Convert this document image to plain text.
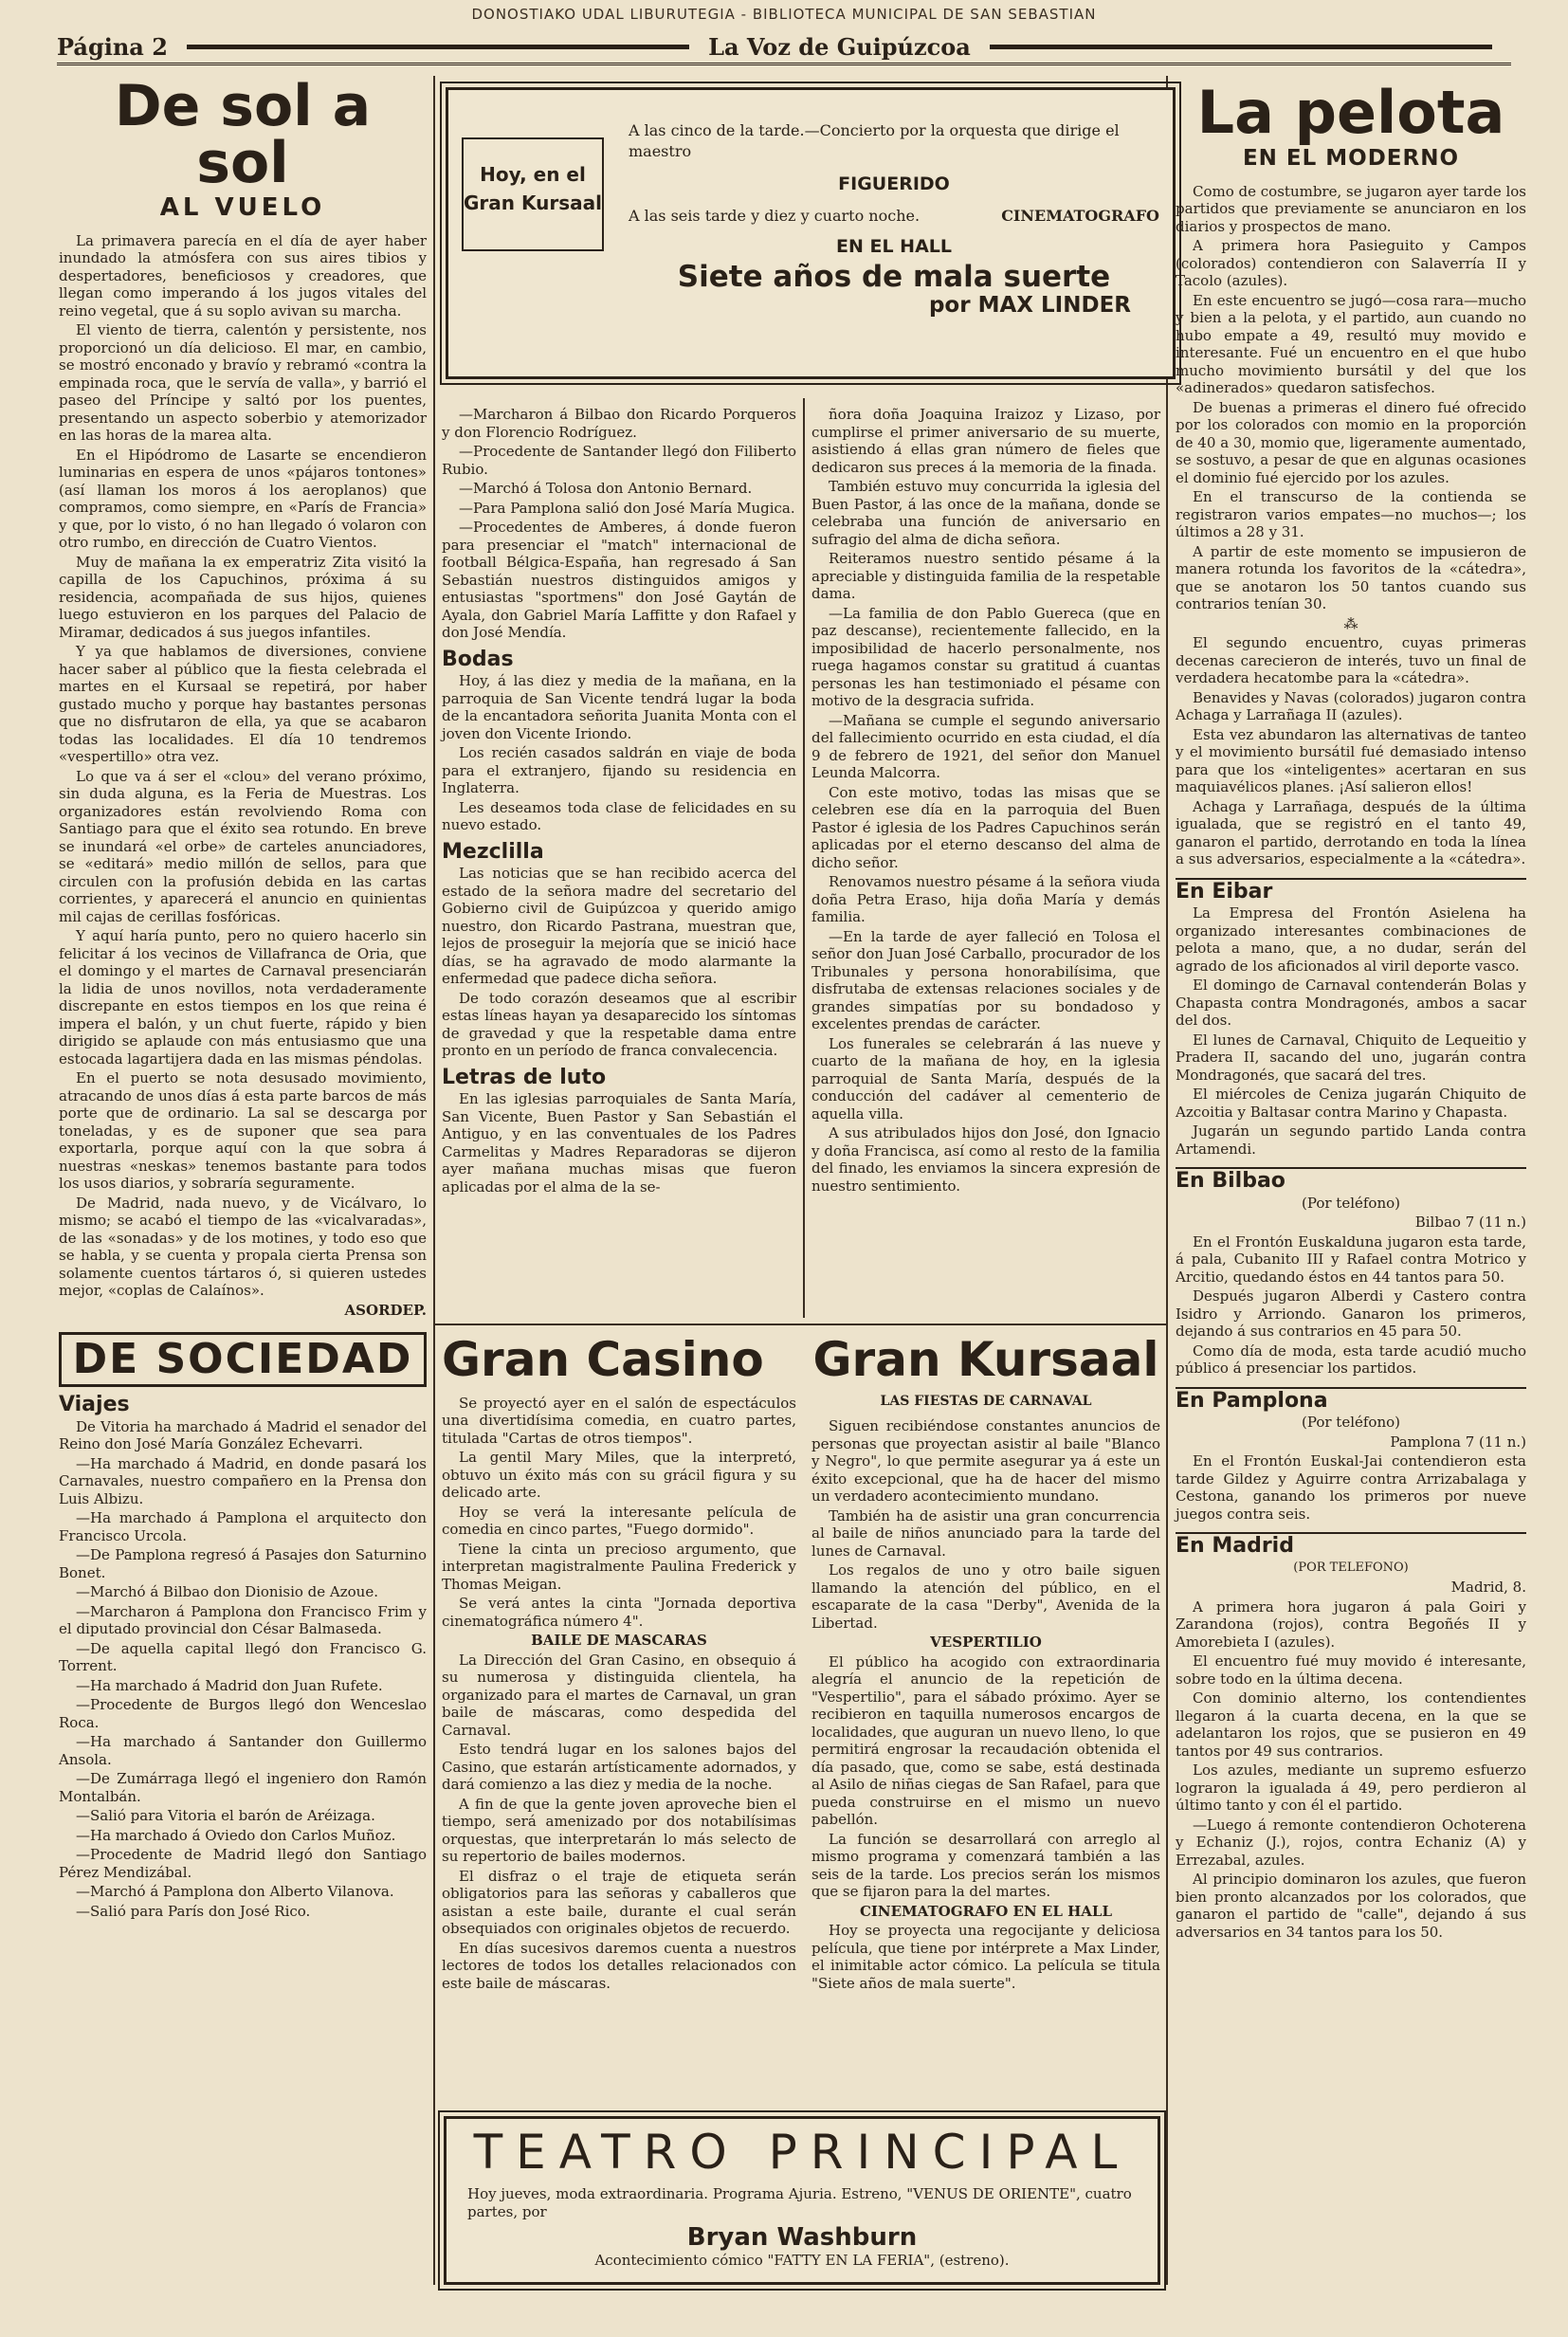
DONOSTIAKO UDAL LIBURUTEGIA - BIBLIOTECA MUNICIPAL DE SAN SEBASTIAN
Página 2	La Voz de Guipúzcoa
De sol a sol
AL VUELO

La primavera parecía en el día de ayer haber inundado la atmósfera con sus aires tibios y despertadores, beneficiosos y creadores, que llegan como imperando á los jugos vitales del reino vegetal, que á su soplo avivan su marcha.

El viento de tierra, calentón y persistente, nos proporcionó un día delicioso. El mar, en cambio, se mostró enconado y bravío y rebramó «contra la empinada roca, que le servía de valla», y barrió el paseo del Príncipe y saltó por los puentes, presentando un aspecto soberbio y atemorizador en las horas de la marea alta.

En el Hipódromo de Lasarte se encendieron luminarias en espera de unos «pájaros tontones» (así llaman los moros á los aeroplanos) que compramos, como siempre, en «París de Francia» y que, por lo visto, ó no han llegado ó volaron con otro rumbo, en dirección de Cuatro Vientos.

Muy de mañana la ex emperatriz Zita visitó la capilla de los Capuchinos, próxima á su residencia, acompañada de sus hijos, quienes luego estuvieron en los parques del Palacio de Miramar, dedicados á sus juegos infantiles.

Y ya que hablamos de diversiones, conviene hacer saber al público que la fiesta celebrada el martes en el Kursaal se repetirá, por haber gustado mucho y porque hay bastantes personas que no disfrutaron de ella, ya que se acabaron todas las localidades. El día 10 tendremos «vespertillo» otra vez.

Lo que va á ser el «clou» del verano próximo, sin duda alguna, es la Feria de Muestras. Los organizadores están revolviendo Roma con Santiago para que el éxito sea rotundo. En breve se inundará «el orbe» de carteles anunciadores, se «editará» medio millón de sellos, para que circulen con la profusión debida en las cartas corrientes, y aparecerá el anuncio en quinientas mil cajas de cerillas fosfóricas.

Y aquí haría punto, pero no quiero hacerlo sin felicitar á los vecinos de Villafranca de Oria, que el domingo y el martes de Carnaval presenciarán la lidia de unos novillos, nota verdaderamente discrepante en estos tiempos en los que reina é impera el balón, y un chut fuerte, rápido y bien dirigido se aplaude con más entusiasmo que una estocada lagartijera dada en las mismas péndolas.

En el puerto se nota desusado movimiento, atracando de unos días á esta parte barcos de más porte que de ordinario. La sal se descarga por toneladas, y es de suponer que sea para exportarla, porque aquí con la que sobra á nuestras «neskas» tenemos bastante para todos los usos diarios, y sobraría seguramente.

De Madrid, nada nuevo, y de Vicálvaro, lo mismo; se acabó el tiempo de las «vicalvaradas», de las «sonadas» y de los motines, y todo eso que se habla, y se cuenta y propala cierta Prensa son solamente cuentos tártaros ó, si quieren ustedes mejor, «coplas de Calaínos».

ASORDEP.

DE SOCIEDAD
Viajes

De Vitoria ha marchado á Madrid el senador del Reino don José María González Echevarri.

—Ha marchado á Madrid, en donde pasará los Carnavales, nuestro compañero en la Prensa don Luis Albizu.

—Ha marchado á Pamplona el arquitecto don Francisco Urcola.

—De Pamplona regresó á Pasajes don Saturnino Bonet.

—Marchó á Bilbao don Dionisio de Azoue.

—Marcharon á Pamplona don Francisco Frim y el diputado provincial don César Balmaseda.

—De aquella capital llegó don Francisco G. Torrent.

—Ha marchado á Madrid don Juan Rufete.

—Procedente de Burgos llegó don Wenceslao Roca.

—Ha marchado á Santander don Guillermo Ansola.

—De Zumárraga llegó el ingeniero don Ramón Montalbán.

—Salió para Vitoria el barón de Aréizaga.

—Ha marchado á Oviedo don Carlos Muñoz.

—Procedente de Madrid llegó don Santiago Pérez Mendizábal.

—Marchó á Pamplona don Alberto Vilanova.

—Salió para París don José Rico.

Hoy, en el
Gran Kursaal
A las cinco de la tarde.—Concierto por la orquesta que dirige el maestro
FIGUERIDO
A las seis tarde y diez y cuarto noche.	CINEMATOGRAFO
EN EL HALL
Siete años de mala suerte
por MAX LINDER

—Marcharon á Bilbao don Ricardo Porqueros y don Florencio Rodríguez.

—Procedente de Santander llegó don Filiberto Rubio.

—Marchó á Tolosa don Antonio Bernard.

—Para Pamplona salió don José María Mugica.

—Procedentes de Amberes, á donde fueron para presenciar el "match" internacional de football Bélgica-España, han regresado á San Sebastián nuestros distinguidos amigos y entusiastas "sportmens" don José Gaytán de Ayala, don Gabriel María Laffitte y don Rafael y don José Mendía.

Bodas

Hoy, á las diez y media de la mañana, en la parroquia de San Vicente tendrá lugar la boda de la encantadora señorita Juanita Monta con el joven don Vicente Iriondo.

Los recién casados saldrán en viaje de boda para el extranjero, fijando su residencia en Inglaterra.

Les deseamos toda clase de felicidades en su nuevo estado.

Mezclilla

Las noticias que se han recibido acerca del estado de la señora madre del secretario del Gobierno civil de Guipúzcoa y querido amigo nuestro, don Ricardo Pastrana, muestran que, lejos de proseguir la mejoría que se inició hace días, se ha agravado de modo alarmante la enfermedad que padece dicha señora.

De todo corazón deseamos que al escribir estas líneas hayan ya desaparecido los síntomas de gravedad y que la respetable dama entre pronto en un período de franca convalecencia.

Letras de luto

En las iglesias parroquiales de Santa María, San Vicente, Buen Pastor y San Sebastián el Antiguo, y en las conventuales de los Padres Carmelitas y Madres Reparadoras se dijeron ayer mañana muchas misas que fueron aplicadas por el alma de la se-

ñora doña Joaquina Iraizoz y Lizaso, por cumplirse el primer aniversario de su muerte, asistiendo á ellas gran número de fieles que dedicaron sus preces á la memoria de la finada.

También estuvo muy concurrida la iglesia del Buen Pastor, á las once de la mañana, donde se celebraba una función de aniversario en sufragio del alma de dicha señora.

Reiteramos nuestro sentido pésame á la apreciable y distinguida familia de la respetable dama.

—La familia de don Pablo Guereca (que en paz descanse), recientemente fallecido, en la imposibilidad de hacerlo personalmente, nos ruega hagamos constar su gratitud á cuantas personas les han testimoniado el pésame con motivo de la desgracia sufrida.

—Mañana se cumple el segundo aniversario del fallecimiento ocurrido en esta ciudad, el día 9 de febrero de 1921, del señor don Manuel Leunda Malcorra.

Con este motivo, todas las misas que se celebren ese día en la parroquia del Buen Pastor é iglesia de los Padres Capuchinos serán aplicadas por el eterno descanso del alma de dicho señor.

Renovamos nuestro pésame á la señora viuda doña Petra Eraso, hija doña María y demás familia.

—En la tarde de ayer falleció en Tolosa el señor don Juan José Carballo, procurador de los Tribunales y persona honorabilísima, que disfrutaba de extensas relaciones sociales y de grandes simpatías por su bondadoso y excelentes prendas de carácter.

Los funerales se celebrarán á las nueve y cuarto de la mañana de hoy, en la iglesia parroquial de Santa María, después de la conducción del cadáver al cementerio de aquella villa.

A sus atribulados hijos don José, don Ignacio y doña Francisca, así como al resto de la familia del finado, les enviamos la sincera expresión de nuestro sentimiento.

Gran Casino

Se proyectó ayer en el salón de espectáculos una divertidísima comedia, en cuatro partes, titulada "Cartas de otros tiempos".

La gentil Mary Miles, que la interpretó, obtuvo un éxito más con su grácil figura y su delicado arte.

Hoy se verá la interesante película de comedia en cinco partes, "Fuego dormido".

Tiene la cinta un precioso argumento, que interpretan magistralmente Paulina Frederick y Thomas Meigan.

Se verá antes la cinta "Jornada deportiva cinematográfica número 4".

BAILE DE MASCARAS

La Dirección del Gran Casino, en obsequio á su numerosa y distinguida clientela, ha organizado para el martes de Carnaval, un gran baile de máscaras, como despedida del Carnaval.

Esto tendrá lugar en los salones bajos del Casino, que estarán artísticamente adornados, y dará comienzo a las diez y media de la noche.

A fin de que la gente joven aproveche bien el tiempo, será amenizado por dos notabilísimas orquestas, que interpretarán lo más selecto de su repertorio de bailes modernos.

El disfraz o el traje de etiqueta serán obligatorios para las señoras y caballeros que asistan a este baile, durante el cual serán obsequiados con originales objetos de recuerdo.

En días sucesivos daremos cuenta a nuestros lectores de todos los detalles relacionados con este baile de máscaras.

Gran Kursaal

LAS FIESTAS DE CARNAVAL

Siguen recibiéndose constantes anuncios de personas que proyectan asistir al baile "Blanco y Negro", lo que permite asegurar ya á este un éxito excepcional, que ha de hacer del mismo un verdadero acontecimiento mundano.

También ha de asistir una gran concurrencia al baile de niños anunciado para la tarde del lunes de Carnaval.

Los regalos de uno y otro baile siguen llamando la atención del público, en el escaparate de la casa "Derby", Avenida de la Libertad.

VESPERTILIO

El público ha acogido con extraordinaria alegría el anuncio de la repetición de "Vespertilio", para el sábado próximo. Ayer se recibieron en taquilla numerosos encargos de localidades, que auguran un nuevo lleno, lo que permitirá engrosar la recaudación obtenida el día pasado, que, como se sabe, está destinada al Asilo de niñas ciegas de San Rafael, para que pueda construirse en el mismo un nuevo pabellón.

La función se desarrollará con arreglo al mismo programa y comenzará también a las seis de la tarde. Los precios serán los mismos que se fijaron para la del martes.

CINEMATOGRAFO EN EL HALL

Hoy se proyecta una regocijante y deliciosa película, que tiene por intérprete a Max Linder, el inimitable actor cómico. La película se titula "Siete años de mala suerte".

TEATRO PRINCIPAL
Hoy jueves, moda extraordinaria. Programa Ajuria. Estreno, "VENUS DE ORIENTE", cuatro partes, por
Bryan Washburn
Acontecimiento cómico "FATTY EN LA FERIA", (estreno).
La pelota
EN EL MODERNO

Como de costumbre, se jugaron ayer tarde los partidos que previamente se anunciaron en los diarios y prospectos de mano.

A primera hora Pasieguito y Campos (colorados) contendieron con Salaverría II y Tacolo (azules).

En este encuentro se jugó—cosa rara—mucho y bien a la pelota, y el partido, aun cuando no hubo empate a 49, resultó muy movido e interesante. Fué un encuentro en el que hubo mucho movimiento bursátil y del que los «adinerados» quedaron satisfechos.

De buenas a primeras el dinero fué ofrecido por los colorados con momio en la proporción de 40 a 30, momio que, ligeramente aumentado, se sostuvo, a pesar de que en algunas ocasiones el dominio fué ejercido por los azules.

En el transcurso de la contienda se registraron varios empates—no muchos—; los últimos a 28 y 31.

A partir de este momento se impusieron de manera rotunda los favoritos de la «cátedra», que se anotaron los 50 tantos cuando sus contrarios tenían 30.

⁂

El segundo encuentro, cuyas primeras decenas carecieron de interés, tuvo un final de verdadera hecatombe para la «cátedra».

Benavides y Navas (colorados) jugaron contra Achaga y Larrañaga II (azules).

Esta vez abundaron las alternativas de tanteo y el movimiento bursátil fué demasiado intenso para que los «inteligentes» acertaran en sus maquiavélicos planes. ¡Así salieron ellos!

Achaga y Larrañaga, después de la última igualada, que se registró en el tanto 49, ganaron el partido, derrotando en toda la línea a sus adversarios, especialmente a la «cátedra».

En Eibar

La Empresa del Frontón Asielena ha organizado interesantes combinaciones de pelota a mano, que, a no dudar, serán del agrado de los aficionados al viril deporte vasco.

El domingo de Carnaval contenderán Bolas y Chapasta contra Mondragonés, ambos a sacar del dos.

El lunes de Carnaval, Chiquito de Lequeitio y Pradera II, sacando del uno, jugarán contra Mondragonés, que sacará del tres.

El miércoles de Ceniza jugarán Chiquito de Azcoitia y Baltasar contra Marino y Chapasta.

Jugarán un segundo partido Landa contra Artamendi.

En Bilbao

(Por teléfono)

Bilbao 7 (11 n.)

En el Frontón Euskalduna jugaron esta tarde, á pala, Cubanito III y Rafael contra Motrico y Arcitio, quedando éstos en 44 tantos para 50.

Después jugaron Alberdi y Castero contra Isidro y Arriondo. Ganaron los primeros, dejando á sus contrarios en 45 para 50.

Como día de moda, esta tarde acudió mucho público á presenciar los partidos.

En Pamplona

(Por teléfono)

Pamplona 7 (11 n.)

En el Frontón Euskal-Jai contendieron esta tarde Gildez y Aguirre contra Arrizabalaga y Cestona, ganando los primeros por nueve juegos contra seis.

En Madrid

(POR TELEFONO)

Madrid, 8.

A primera hora jugaron á pala Goiri y Zarandona (rojos), contra Begoñés II y Amorebieta I (azules).

El encuentro fué muy movido é interesante, sobre todo en la última decena.

Con dominio alterno, los contendientes llegaron á la cuarta decena, en la que se adelantaron los rojos, que se pusieron en 49 tantos por 49 sus contrarios.

Los azules, mediante un supremo esfuerzo lograron la igualada á 49, pero perdieron al último tanto y con él el partido.

—Luego á remonte contendieron Ochoterena y Echaniz (J.), rojos, contra Echaniz (A) y Errezabal, azules.

Al principio dominaron los azules, que fueron bien pronto alcanzados por los colorados, que ganaron el partido de "calle", dejando á sus adversarios en 34 tantos para los 50.
